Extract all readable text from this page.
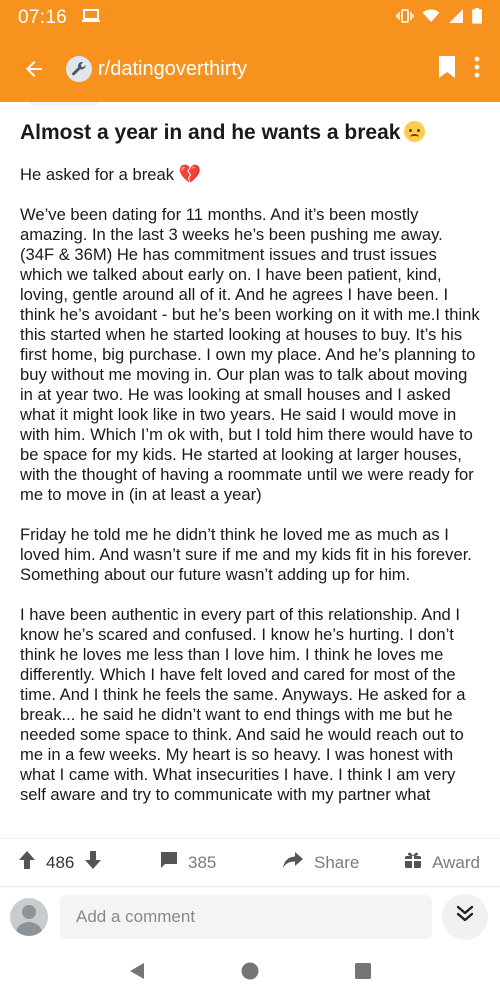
07:16
r/datingoverthirty
Almost a year in and he wants a break

He asked for a break 💔

We’ve been dating for 11 months. And it’s been mostly amazing. In the last 3 weeks he’s been pushing me away. (34F & 36M) He has commitment issues and trust issues which we talked about early on. I have been patient, kind, loving, gentle around all of it. And he agrees I have been. I think he’s avoidant - but he’s been working on it with me.I think this started when he started looking at houses to buy. It’s his first home, big purchase. I own my place. And he’s planning to buy without me moving in. Our plan was to talk about moving in at year two. He was looking at small houses and I asked what it might look like in two years. He said I would move in with him. Which I’m ok with, but I told him there would have to be space for my kids. He started at looking at larger houses, with the thought of having a roommate until we were ready for me to move in (in at least a year)

Friday he told me he didn’t think he loved me as much as I loved him. And wasn’t sure if me and my kids fit in his forever. Something about our future wasn’t adding up for him.

I have been authentic in every part of this relationship. And I know he’s scared and confused. I know he’s hurting. I don’t think he loves me less than I love him. I think he loves me differently. Which I have felt loved and cared for most of the time. And I think he feels the same. Anyways. He asked for a break... he said he didn’t want to end things with me but he needed some space to think. And said he would reach out to me in a few weeks. My heart is so heavy. I was honest with what I came with. What insecurities I have. I think I am very self aware and try to communicate with my partner what

486	385	Share	Award
Add a comment
